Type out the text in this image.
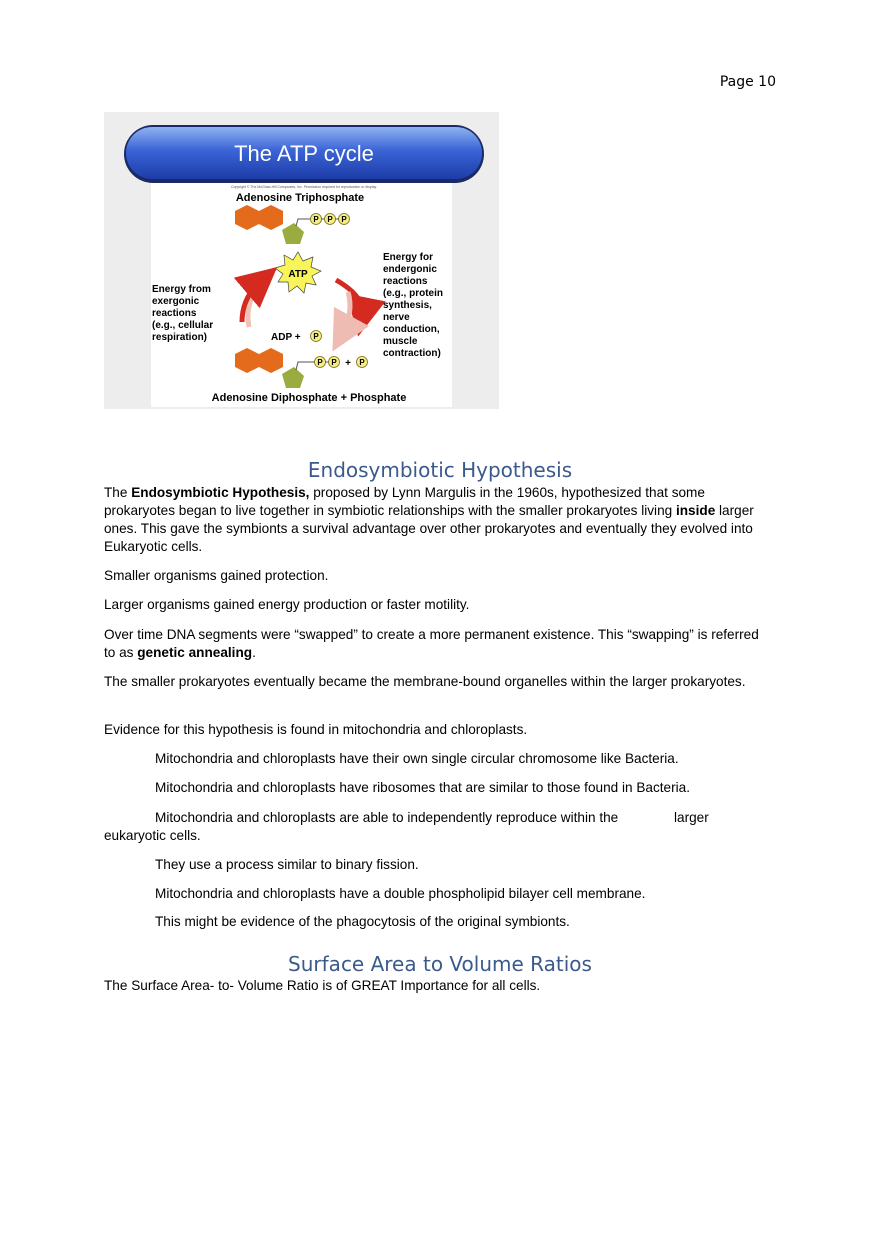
Page 10
The ATP cycle
Copyright © The McGraw-Hill Companies, Inc. Permission required for reproduction or display.
Adenosine Triphosphate
P P P
ATP
ADP + P
P P + P
Adenosine Diphosphate + Phosphate
Energy from
exergonic
reactions
(e.g., cellular
respiration)
Energy for
endergonic
reactions
(e.g., protein
synthesis,
nerve
conduction,
muscle
contraction)
Endosymbiotic Hypothesis

The Endosymbiotic Hypothesis, proposed by Lynn Margulis in the 1960s, hypothesized that some prokaryotes began to live together in symbiotic relationships with the smaller prokaryotes living inside larger ones. This gave the symbionts a survival advantage over other prokaryotes and eventually they evolved into Eukaryotic cells.

Smaller organisms gained protection.

Larger organisms gained energy production or faster motility.

Over time DNA segments were “swapped” to create a more permanent existence. This “swapping” is referred to as genetic annealing.

The smaller prokaryotes eventually became the membrane-bound organelles within the larger prokaryotes.

Evidence for this hypothesis is found in mitochondria and chloroplasts.

Mitochondria and chloroplasts have their own single circular chromosome like Bacteria.

Mitochondria and chloroplasts have ribosomes that are similar to those found in Bacteria.

Mitochondria and chloroplasts are able to independently reproduce within the	larger

eukaryotic cells.

They use a process similar to binary fission.

Mitochondria and chloroplasts have a double phospholipid bilayer cell membrane.

This might be evidence of the phagocytosis of the original symbionts.

Surface Area to Volume Ratios

The Surface Area- to- Volume Ratio is of GREAT Importance for all cells.
